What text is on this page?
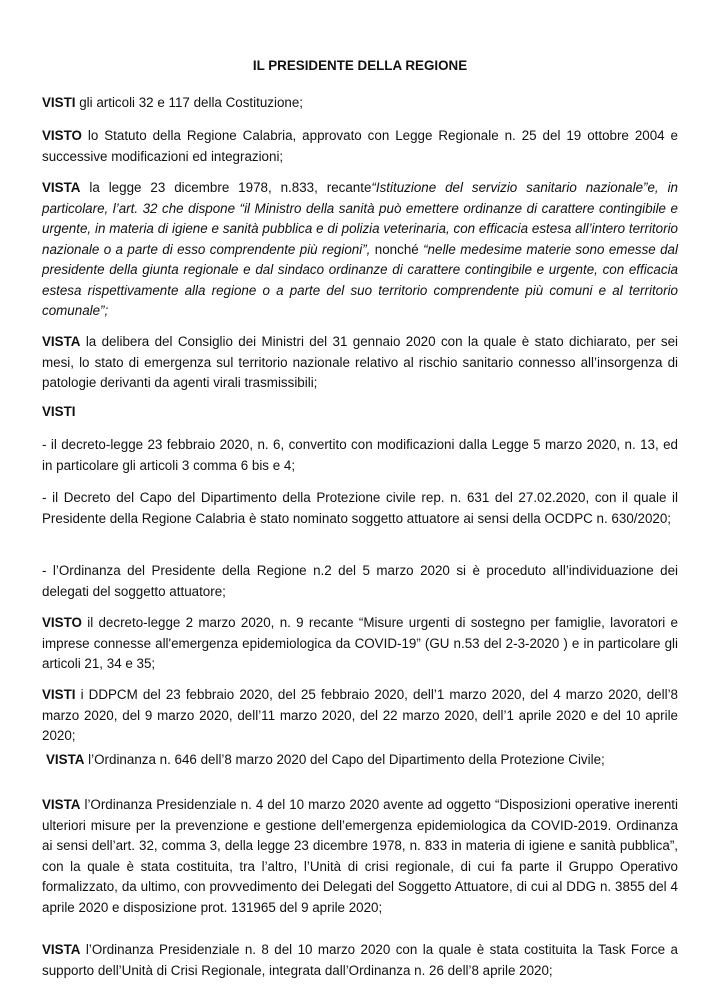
IL PRESIDENTE DELLA REGIONE

VISTI gli articoli 32 e 117 della Costituzione;

VISTO lo Statuto della Regione Calabria, approvato con Legge Regionale n. 25 del 19 ottobre 2004 e successive modificazioni ed integrazioni;

VISTA la legge 23 dicembre 1978, n.833, recante“Istituzione del servizio sanitario nazionale”e, in particolare, l’art. 32 che dispone “il Ministro della sanità può emettere ordinanze di carattere contingibile e urgente, in materia di igiene e sanità pubblica e di polizia veterinaria, con efficacia estesa all’intero territorio nazionale o a parte di esso comprendente più regioni”, nonché “nelle medesime materie sono emesse dal presidente della giunta regionale e dal sindaco ordinanze di carattere contingibile e urgente, con efficacia estesa rispettivamente alla regione o a parte del suo territorio comprendente più comuni e al territorio comunale”;

VISTA la delibera del Consiglio dei Ministri del 31 gennaio 2020 con la quale è stato dichiarato, per sei mesi, lo stato di emergenza sul territorio nazionale relativo al rischio sanitario connesso all’insorgenza di patologie derivanti da agenti virali trasmissibili;

VISTI

- il decreto-legge 23 febbraio 2020, n. 6, convertito con modificazioni dalla Legge 5 marzo 2020, n. 13, ed in particolare gli articoli 3 comma 6 bis e 4;

- il Decreto del Capo del Dipartimento della Protezione civile rep. n. 631 del 27.02.2020, con il quale il Presidente della Regione Calabria è stato nominato soggetto attuatore ai sensi della OCDPC n. 630/2020;

- l’Ordinanza del Presidente della Regione n.2 del 5 marzo 2020 si è proceduto all’individuazione dei delegati del soggetto attuatore;

VISTO il decreto-legge 2 marzo 2020, n. 9 recante “Misure urgenti di sostegno per famiglie, lavoratori e imprese connesse all'emergenza epidemiologica da COVID-19” (GU n.53 del 2-3-2020 ) e in particolare gli articoli 21, 34 e 35;

VISTI i DDPCM del 23 febbraio 2020, del 25 febbraio 2020, dell’1 marzo 2020, del 4 marzo 2020, dell’8 marzo 2020, del 9 marzo 2020, dell’11 marzo 2020, del 22 marzo 2020, dell’1 aprile 2020 e del 10 aprile 2020;

VISTA l’Ordinanza n. 646 dell’8 marzo 2020 del Capo del Dipartimento della Protezione Civile;

VISTA l’Ordinanza Presidenziale n. 4 del 10 marzo 2020 avente ad oggetto “Disposizioni operative inerenti ulteriori misure per la prevenzione e gestione dell’emergenza epidemiologica da COVID-2019. Ordinanza ai sensi dell’art. 32, comma 3, della legge 23 dicembre 1978, n. 833 in materia di igiene e sanità pubblica”, con la quale è stata costituita, tra l’altro, l’Unità di crisi regionale, di cui fa parte il Gruppo Operativo formalizzato, da ultimo, con provvedimento dei Delegati del Soggetto Attuatore, di cui al DDG n. 3855 del 4 aprile 2020 e disposizione prot. 131965 del 9 aprile 2020;

VISTA l’Ordinanza Presidenziale n. 8 del 10 marzo 2020 con la quale è stata costituita la Task Force a supporto dell’Unità di Crisi Regionale, integrata dall’Ordinanza n. 26 dell’8 aprile 2020;
